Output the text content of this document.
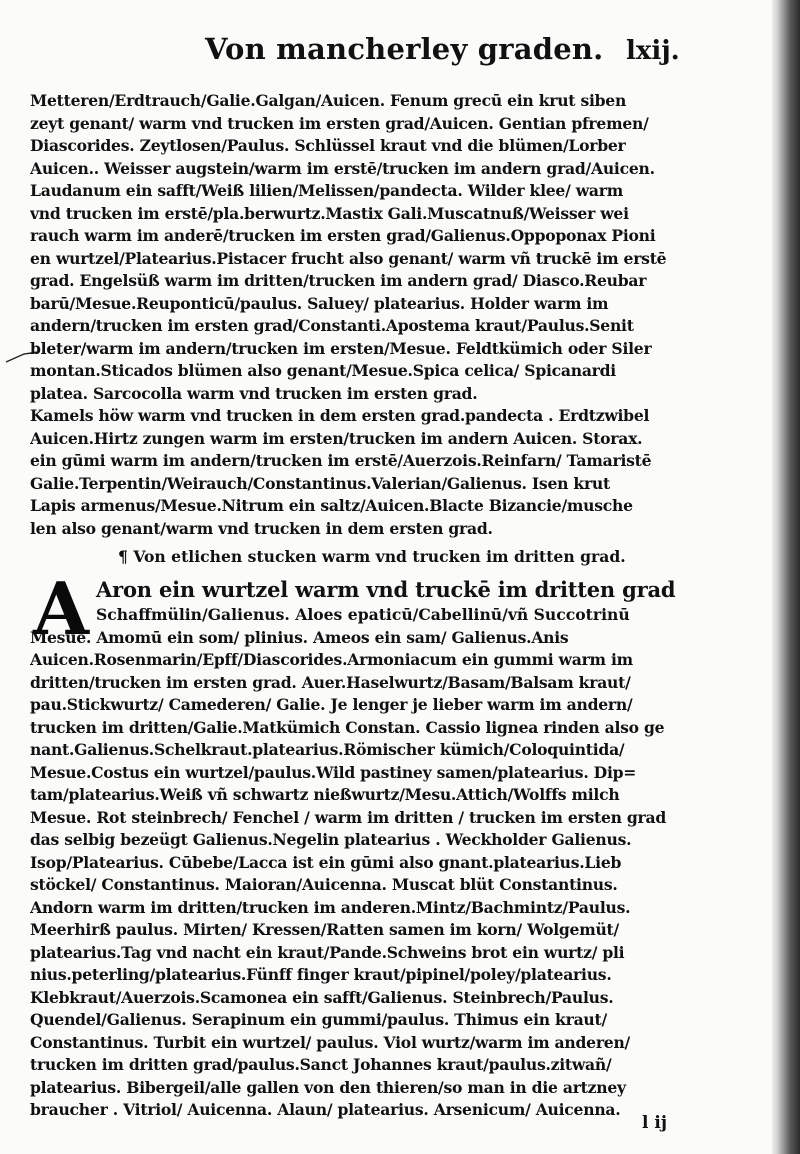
Von mancherley graden. lxij.
Metteren/Erdtrauch/Galie.Galgan/Auicen. Fenum grecū ein krut siben
zeyt genant/ warm vnd trucken im ersten grad/Auicen. Gentian pfremen/
Diascorides. Zeytlosen/Paulus. Schlüssel kraut vnd die blümen/Lorber
Auicen.. Weisser augstein/warm im erstē/trucken im andern grad/Auicen.
Laudanum ein safft/Weiß lilien/Melissen/pandecta. Wilder klee/ warm
vnd trucken im erstē/pla.berwurtz.Mastix Gali.Muscatnuß/Weisser wei
rauch warm im anderē/trucken im ersten grad/Galienus.Oppoponax Pioni
en wurtzel/Platearius.Pistacer frucht also genant/ warm vñ truckē im erstē
grad. Engelsüß warm im dritten/trucken im andern grad/ Diasco.Reubar
barū/Mesue.Reuponticū/paulus. Saluey/ platearius. Holder warm im
andern/trucken im ersten grad/Constanti.Apostema kraut/Paulus.Senit
bleter/warm im andern/trucken im ersten/Mesue. Feldtkümich oder Siler
montan.Sticados blümen also genant/Mesue.Spica celica/ Spicanardi
platea. Sarcocolla warm vnd trucken im ersten grad.
Kamels höw warm vnd trucken in dem ersten grad.pandecta . Erdtzwibel
Auicen.Hirtz zungen warm im ersten/trucken im andern Auicen. Storax.
ein gūmi warm im andern/trucken im erstē/Auerzois.Reinfarn/ Tamaristē
Galie.Terpentin/Weirauch/Constantinus.Valerian/Galienus. Isen krut
Lapis armenus/Mesue.Nitrum ein saltz/Auicen.Blacte Bizancie/musche
len also genant/warm vnd trucken in dem ersten grad.
¶ Von etlichen stucken warm vnd trucken im dritten grad.
A Aron ein wurtzel warm vnd truckē im dritten grad
Schaffmülin/Galienus. Aloes epaticū/Cabellinū/vñ Succotrinū
Mesue. Amomū ein som/ plinius. Ameos ein sam/ Galienus.Anis
Auicen.Rosenmarin/Epff/Diascorides.Armoniacum ein gummi warm im
dritten/trucken im ersten grad. Auer.Haselwurtz/Basam/Balsam kraut/
pau.Stickwurtz/ Camederen/ Galie. Je lenger je lieber warm im andern/
trucken im dritten/Galie.Matkümich Constan. Cassio lignea rinden also ge
nant.Galienus.Schelkraut.platearius.Römischer kümich/Coloquintida/
Mesue.Costus ein wurtzel/paulus.Wild pastiney samen/platearius. Dip=
tam/platearius.Weiß vñ schwartz nießwurtz/Mesu.Attich/Wolffs milch
Mesue. Rot steinbrech/ Fenchel / warm im dritten / trucken im ersten grad
das selbig bezeügt Galienus.Negelin platearius . Weckholder Galienus.
Isop/Platearius. Cūbebe/Lacca ist ein gūmi also gnant.platearius.Lieb
stöckel/ Constantinus. Maioran/Auicenna. Muscat blüt Constantinus.
Andorn warm im dritten/trucken im anderen.Mintz/Bachmintz/Paulus.
Meerhirß paulus. Mirten/ Kressen/Ratten samen im korn/ Wolgemüt/
platearius.Tag vnd nacht ein kraut/Pande.Schweins brot ein wurtz/ pli
nius.peterling/platearius.Fünff finger kraut/pipinel/poley/platearius.
Klebkraut/Auerzois.Scamonea ein safft/Galienus. Steinbrech/Paulus.
Quendel/Galienus. Serapinum ein gummi/paulus. Thimus ein kraut/
Constantinus. Turbit ein wurtzel/ paulus. Viol wurtz/warm im anderen/
trucken im dritten grad/paulus.Sanct Johannes kraut/paulus.zitwañ/
platearius. Bibergeil/alle gallen von den thieren/so man in die artzney
braucher . Vitriol/ Auicenna. Alaun/ platearius. Arsenicum/ Auicenna.
l ij
